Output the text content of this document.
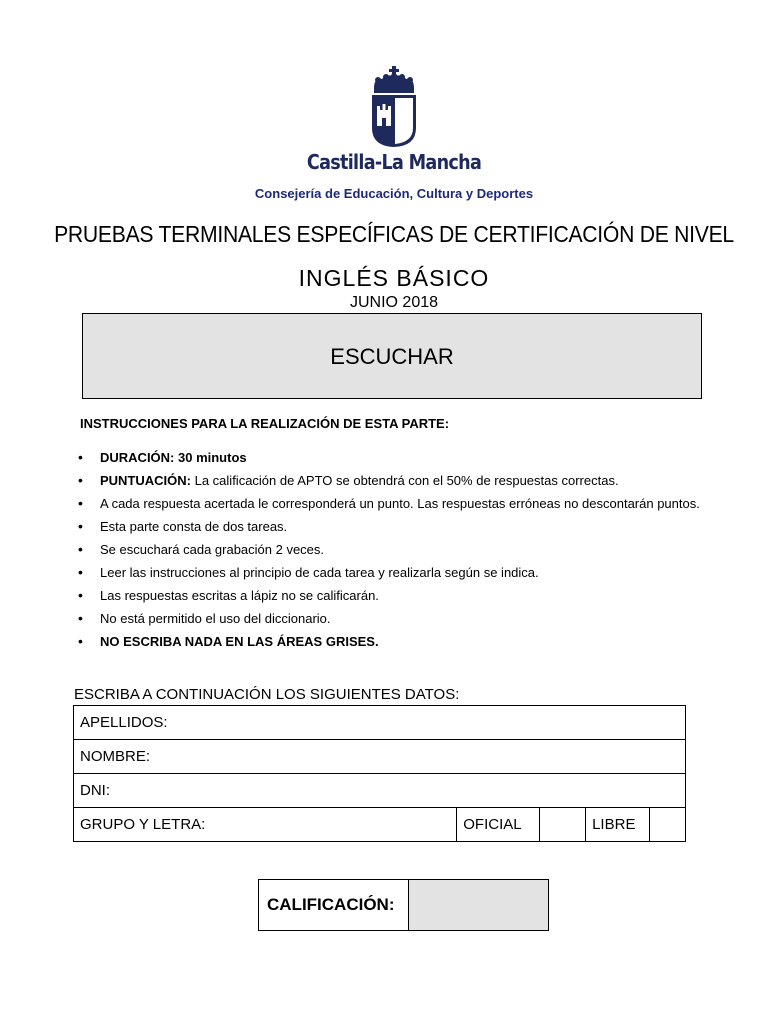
Castilla-La Mancha
Consejería de Educación, Cultura y Deportes
PRUEBAS TERMINALES ESPECÍFICAS DE CERTIFICACIÓN DE NIVEL
INGLÉS BÁSICO
JUNIO 2018
ESCUCHAR
INSTRUCCIONES PARA LA REALIZACIÓN DE ESTA PARTE:
• DURACIÓN: 30 minutos
• PUNTUACIÓN: La calificación de APTO se obtendrá con el 50% de respuestas correctas.
• A cada respuesta acertada le corresponderá un punto. Las respuestas erróneas no descontarán puntos.
• Esta parte consta de dos tareas.
• Se escuchará cada grabación 2 veces.
• Leer las instrucciones al principio de cada tarea y realizarla según se indica.
• Las respuestas escritas a lápiz no se calificarán.
• No está permitido el uso del diccionario.
• NO ESCRIBA NADA EN LAS ÁREAS GRISES.
ESCRIBA A CONTINUACIÓN LOS SIGUIENTES DATOS:
APELLIDOS:
NOMBRE:
DNI:
GRUPO Y LETRA:	OFICIAL		LIBRE	
CALIFICACIÓN:	
